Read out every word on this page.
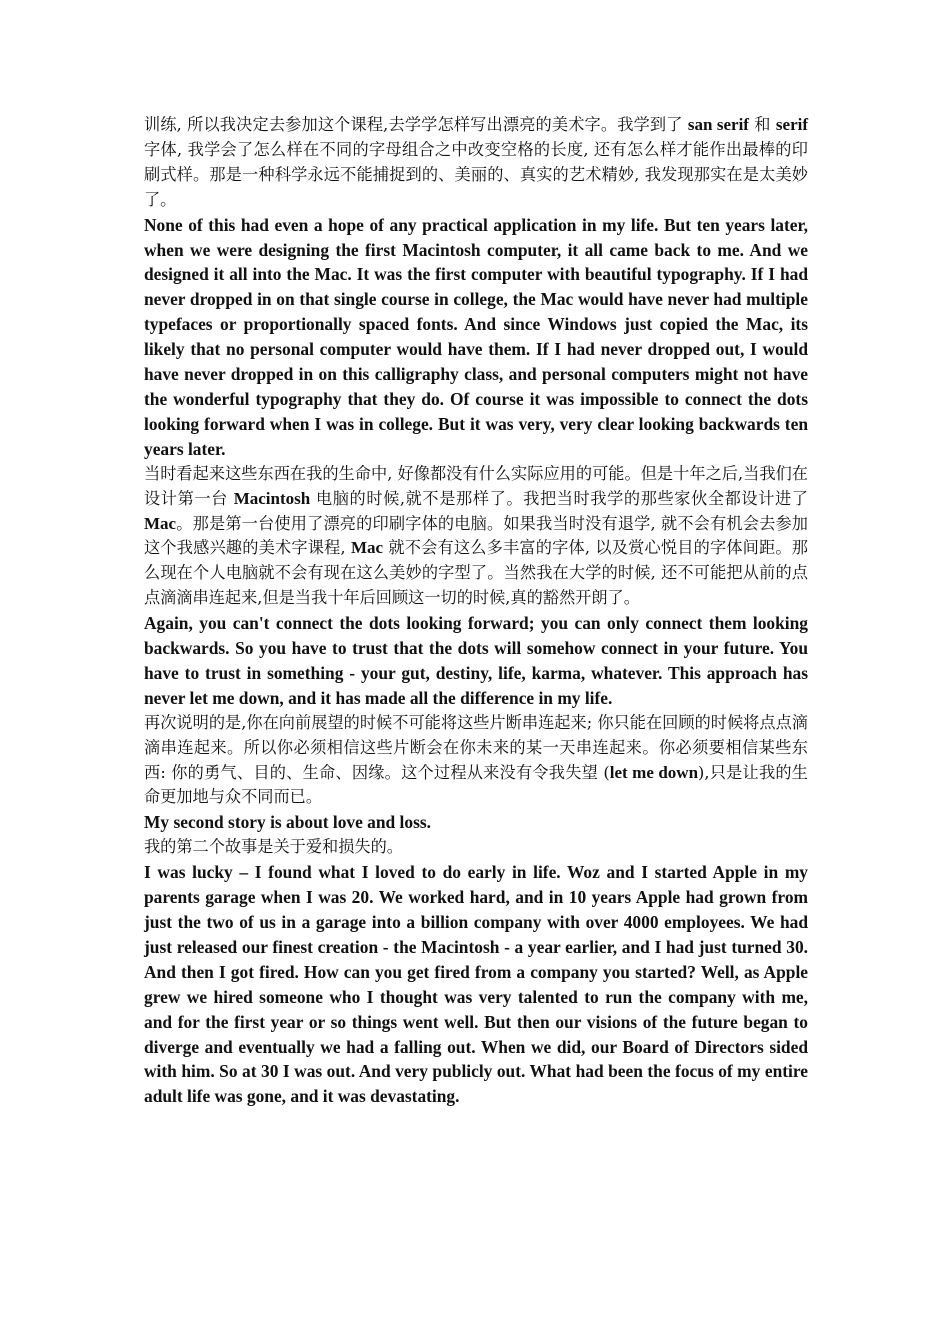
训练, 所以我决定去参加这个课程,去学学怎样写出漂亮的美术字。我学到了 san serif 和 serif 字体, 我学会了怎么样在不同的字母组合之中改变空格的长度, 还有怎么样才能作出最棒的印刷式样。那是一种科学永远不能捕捉到的、美丽的、真实的艺术精妙, 我发现那实在是太美妙了。

None of this had even a hope of any practical application in my life. But ten years later, when we were designing the first Macintosh computer, it all came back to me. And we designed it all into the Mac. It was the first computer with beautiful typography. If I had never dropped in on that single course in college, the Mac would have never had multiple typefaces or proportionally spaced fonts. And since Windows just copied the Mac, its likely that no personal computer would have them. If I had never dropped out, I would have never dropped in on this calligraphy class, and personal computers might not have the wonderful typography that they do. Of course it was impossible to connect the dots looking forward when I was in college. But it was very, very clear looking backwards ten years later.

当时看起来这些东西在我的生命中, 好像都没有什么实际应用的可能。但是十年之后,当我们在设计第一台 Macintosh 电脑的时候,就不是那样了。我把当时我学的那些家伙全都设计进了 Mac。那是第一台使用了漂亮的印刷字体的电脑。如果我当时没有退学, 就不会有机会去参加这个我感兴趣的美术字课程, Mac 就不会有这么多丰富的字体, 以及赏心悦目的字体间距。那么现在个人电脑就不会有现在这么美妙的字型了。当然我在大学的时候, 还不可能把从前的点点滴滴串连起来,但是当我十年后回顾这一切的时候,真的豁然开朗了。

Again, you can't connect the dots looking forward; you can only connect them looking backwards. So you have to trust that the dots will somehow connect in your future. You have to trust in something - your gut, destiny, life, karma, whatever. This approach has never let me down, and it has made all the difference in my life.

再次说明的是,你在向前展望的时候不可能将这些片断串连起来; 你只能在回顾的时候将点点滴滴串连起来。所以你必须相信这些片断会在你未来的某一天串连起来。你必须要相信某些东西: 你的勇气、目的、生命、因缘。这个过程从来没有令我失望 (let me down),只是让我的生命更加地与众不同而已。

My second story is about love and loss.

我的第二个故事是关于爱和损失的。

I was lucky – I found what I loved to do early in life. Woz and I started Apple in my parents garage when I was 20. We worked hard, and in 10 years Apple had grown from just the two of us in a garage into a billion company with over 4000 employees. We had just released our finest creation - the Macintosh - a year earlier, and I had just turned 30. And then I got fired. How can you get fired from a company you started? Well, as Apple grew we hired someone who I thought was very talented to run the company with me, and for the first year or so things went well. But then our visions of the future began to diverge and eventually we had a falling out. When we did, our Board of Directors sided with him. So at 30 I was out. And very publicly out. What had been the focus of my entire adult life was gone, and it was devastating.
